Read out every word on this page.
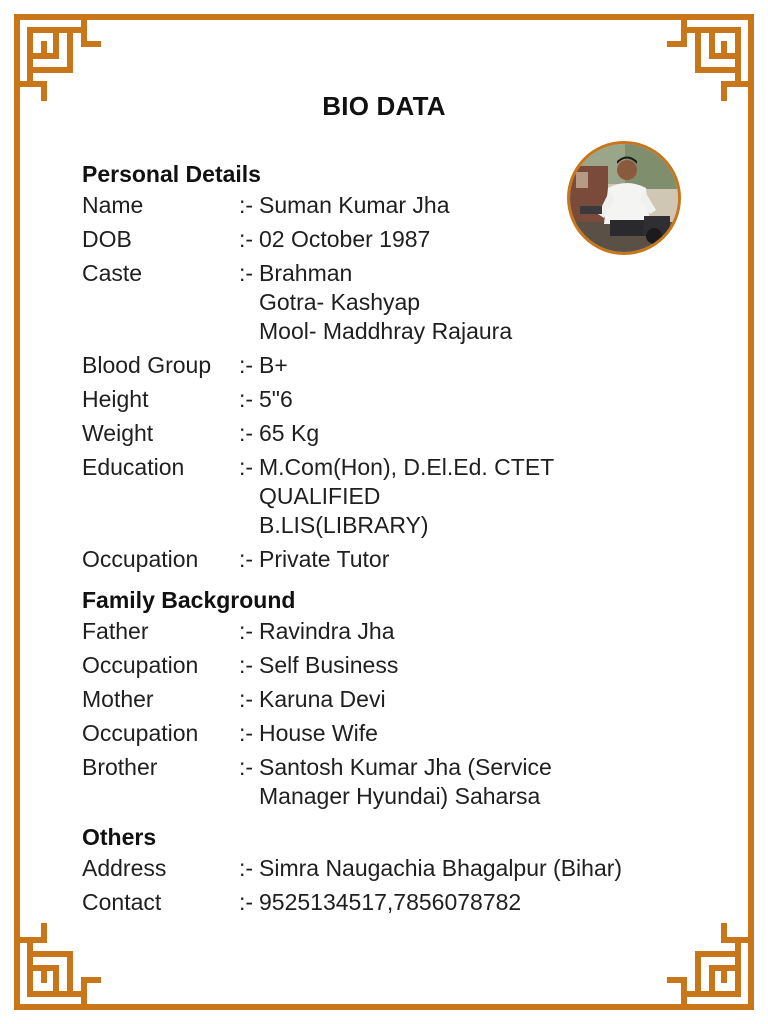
BIO DATA
Personal Details
Name	:- Suman Kumar Jha
DOB	:- 02 October 1987
Caste	:- Brahman
Gotra- Kashyap
Mool- Maddhray Rajaura
Blood Group	:- B+
Height	:- 5"6
Weight	:- 65 Kg
Education	:- M.Com(Hon), D.El.Ed. CTET
QUALIFIED
B.LIS(LIBRARY)
Occupation	:- Private Tutor
Family Background
Father	:- Ravindra Jha
Occupation	:- Self Business
Mother	:- Karuna Devi
Occupation	:- House Wife
Brother	:- Santosh Kumar Jha (Service
Manager Hyundai) Saharsa
Others
Address	:- Simra Naugachia Bhagalpur (Bihar)
Contact	:- 9525134517,7856078782
